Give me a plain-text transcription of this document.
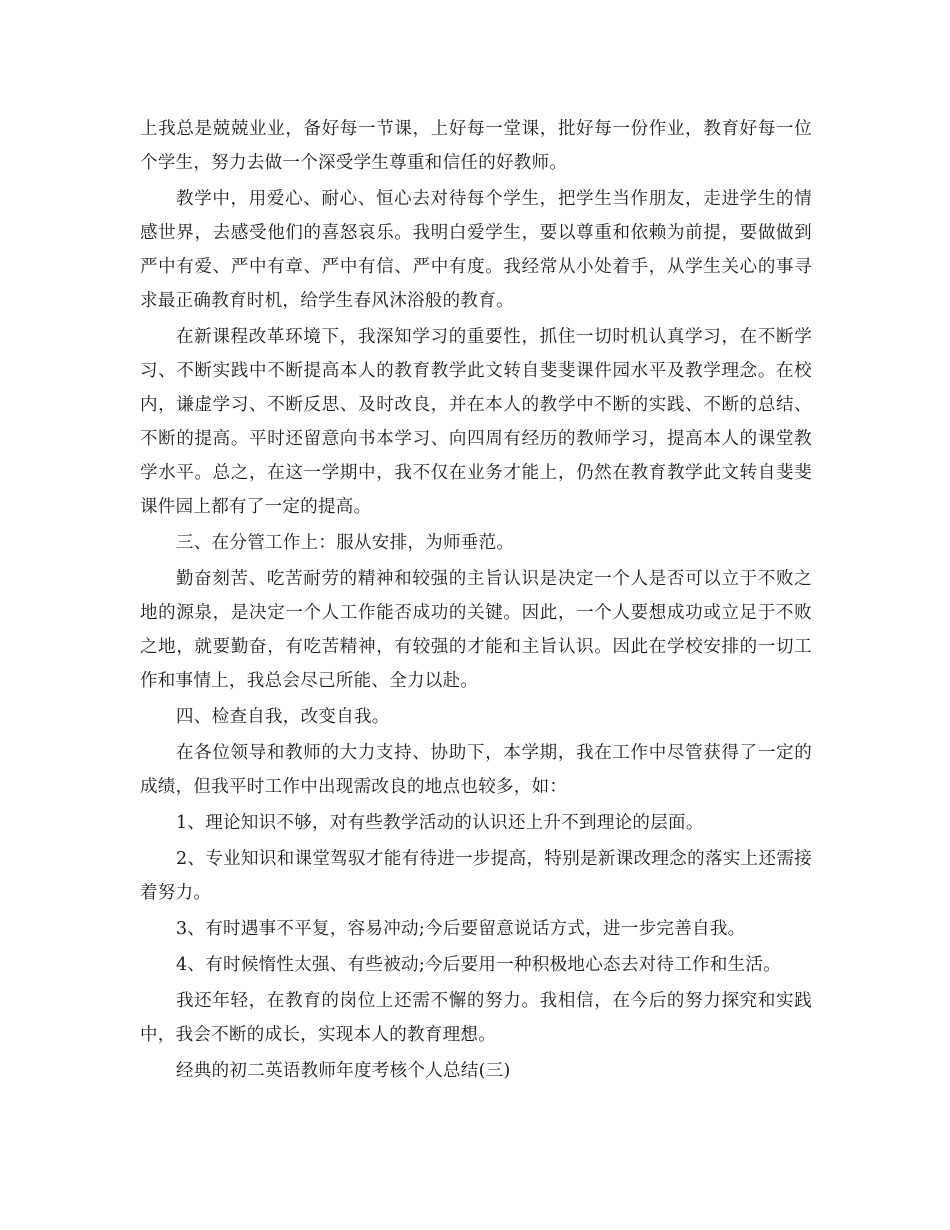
上我总是兢兢业业，备好每一节课，上好每一堂课，批好每一份作业，教育好每一位个学生，努力去做一个深受学生尊重和信任的好教师。

教学中，用爱心、耐心、恒心去对待每个学生，把学生当作朋友，走进学生的情感世界，去感受他们的喜怒哀乐。我明白爱学生，要以尊重和依赖为前提，要做做到严中有爱、严中有章、严中有信、严中有度。我经常从小处着手，从学生关心的事寻求最正确教育时机，给学生春风沐浴般的教育。

在新课程改革环境下，我深知学习的重要性，抓住一切时机认真学习，在不断学习、不断实践中不断提高本人的教育教学此文转自斐斐课件园水平及教学理念。在校内，谦虚学习、不断反思、及时改良，并在本人的教学中不断的实践、不断的总结、不断的提高。平时还留意向书本学习、向四周有经历的教师学习，提高本人的课堂教学水平。总之，在这一学期中，我不仅在业务才能上，仍然在教育教学此文转自斐斐课件园上都有了一定的提高。

三、在分管工作上：服从安排，为师垂范。

勤奋刻苦、吃苦耐劳的精神和较强的主旨认识是决定一个人是否可以立于不败之地的源泉，是决定一个人工作能否成功的关键。因此，一个人要想成功或立足于不败之地，就要勤奋，有吃苦精神，有较强的才能和主旨认识。因此在学校安排的一切工作和事情上，我总会尽己所能、全力以赴。

四、检查自我，改变自我。

在各位领导和教师的大力支持、协助下，本学期，我在工作中尽管获得了一定的成绩，但我平时工作中出现需改良的地点也较多，如：

1、理论知识不够，对有些教学活动的认识还上升不到理论的层面。

2、专业知识和课堂驾驭才能有待进一步提高，特别是新课改理念的落实上还需接着努力。

3、有时遇事不平复，容易冲动;今后要留意说话方式，进一步完善自我。

4、有时候惰性太强、有些被动;今后要用一种积极地心态去对待工作和生活。

我还年轻，在教育的岗位上还需不懈的努力。我相信，在今后的努力探究和实践中，我会不断的成长，实现本人的教育理想。

经典的初二英语教师年度考核个人总结(三)
